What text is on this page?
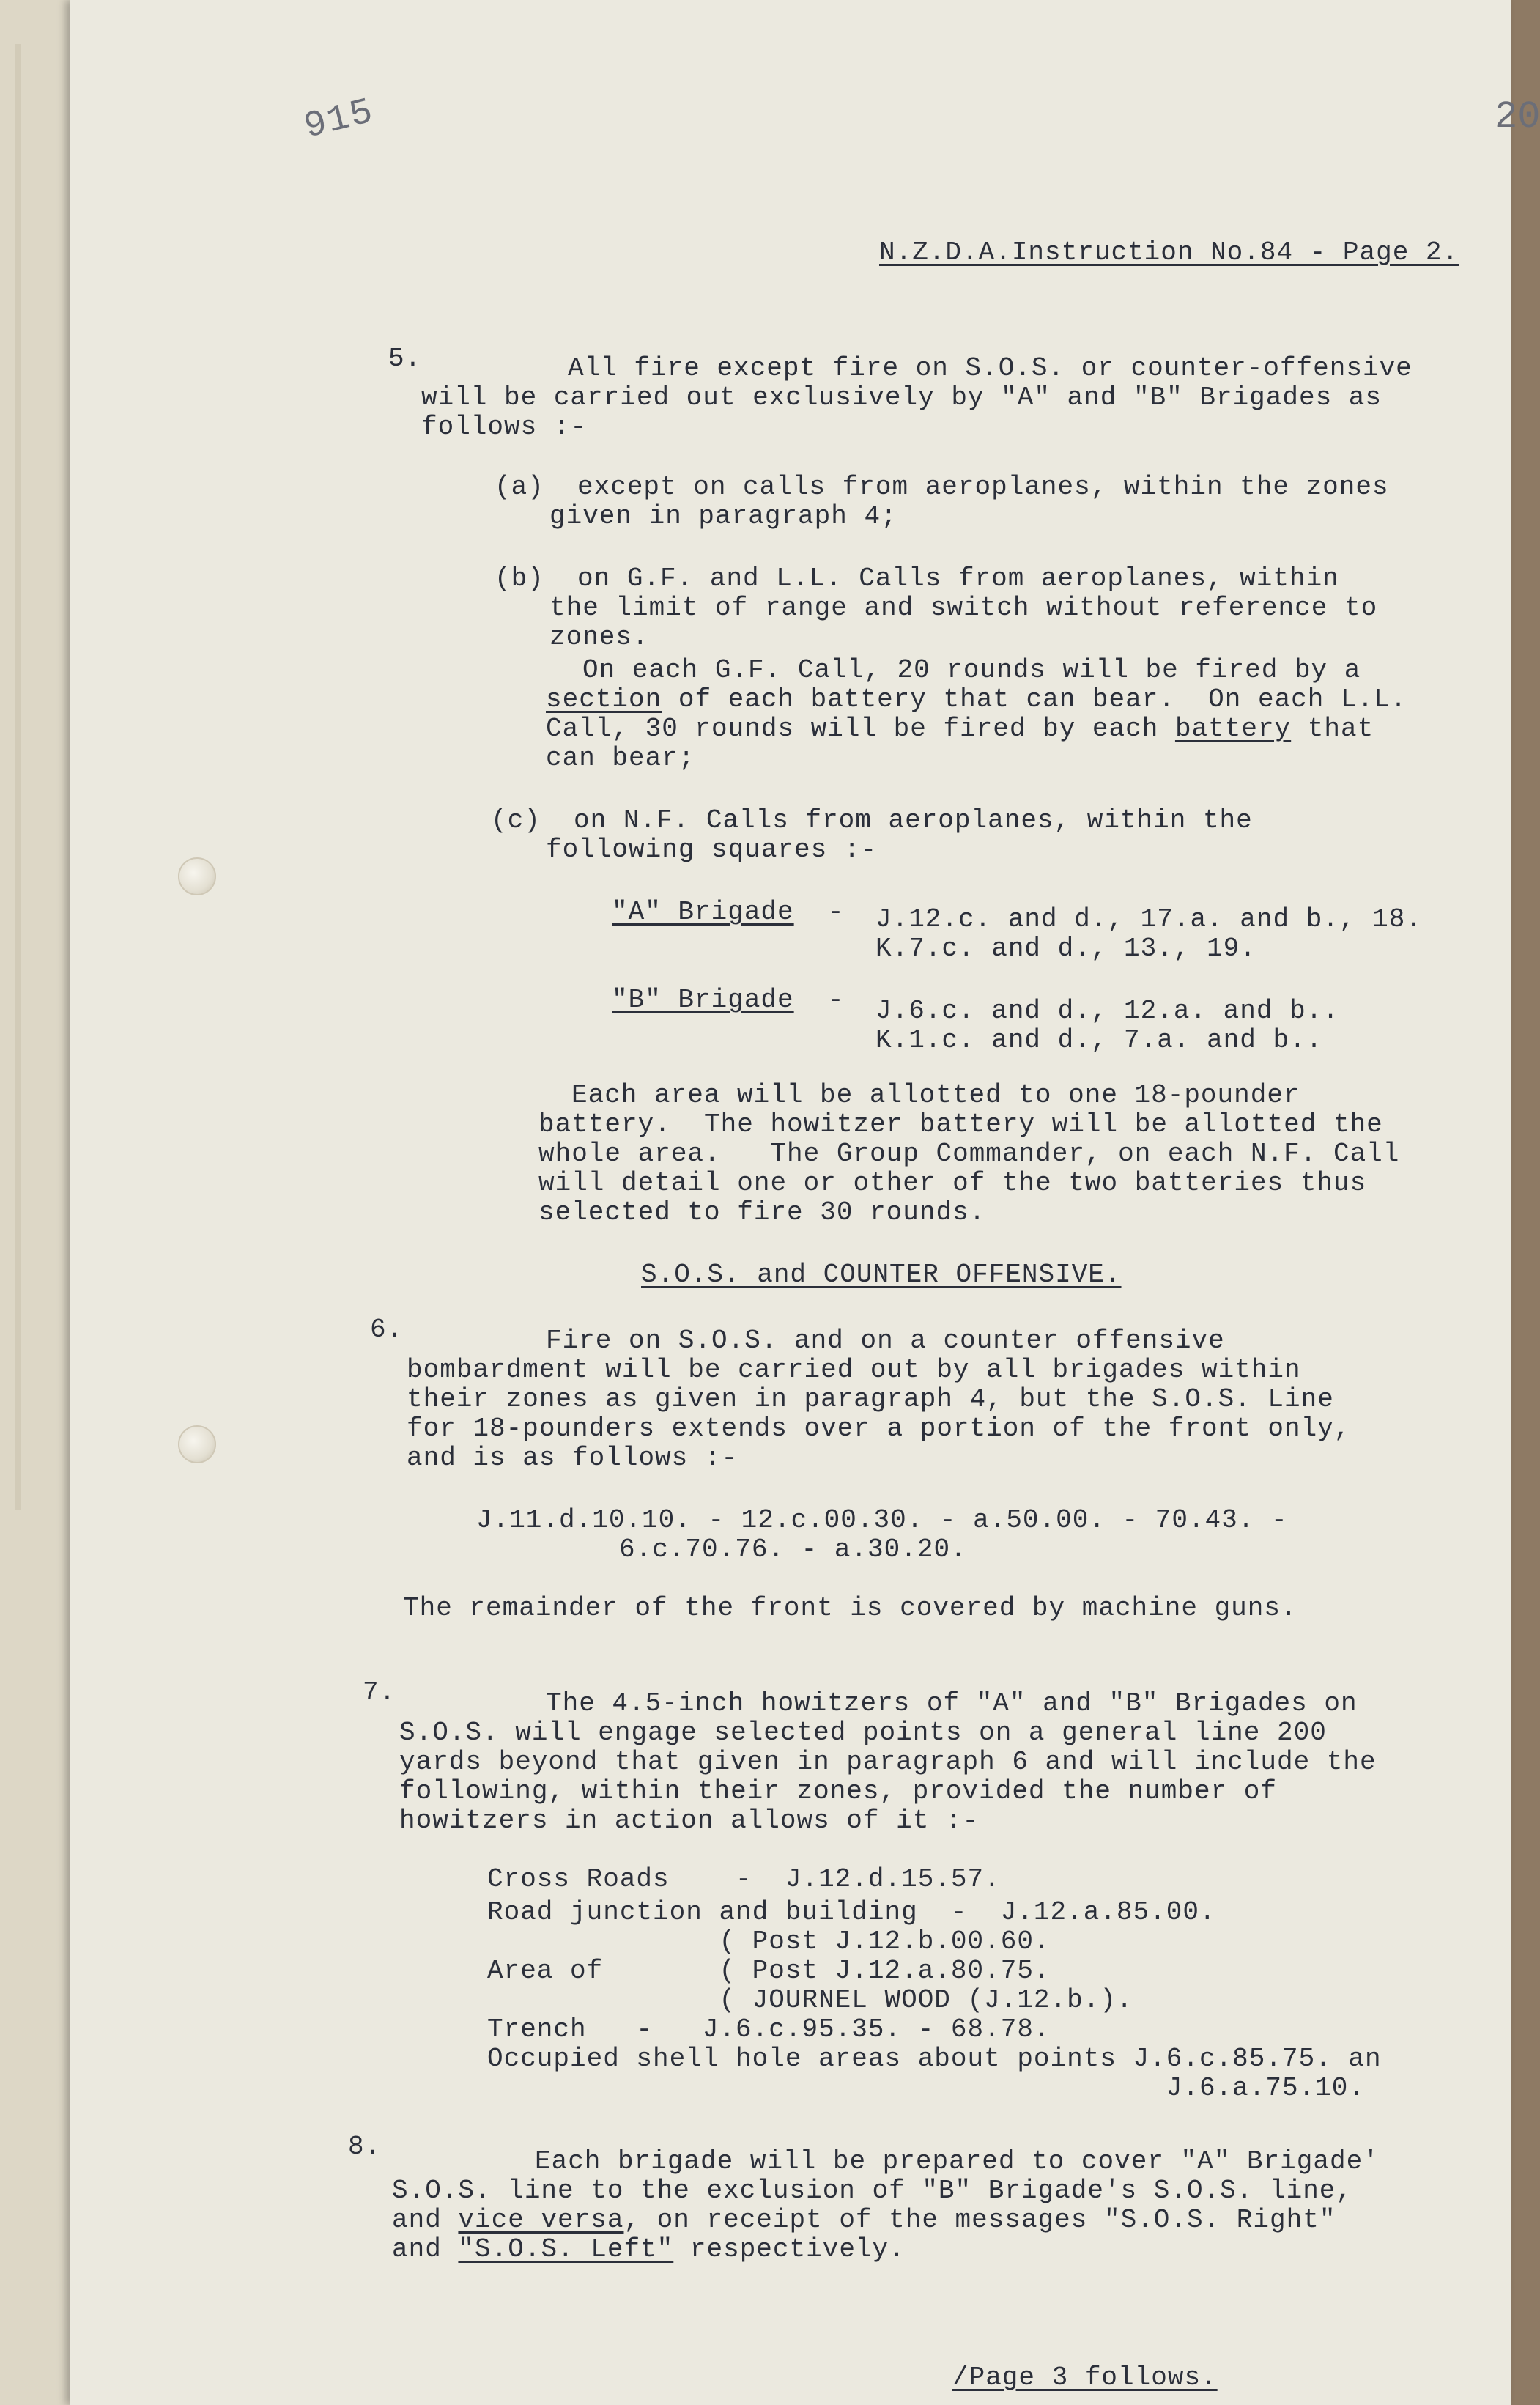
915	20
N.Z.D.A.Instruction No.84 - Page 2.
5.	All fire except fire on S.O.S. or counter-offensive
will be carried out exclusively by "A" and "B" Brigades as
follows :-
(a)  except on calls from aeroplanes, within the zones
given in paragraph 4;
(b)  on G.F. and L.L. Calls from aeroplanes, within
the limit of range and switch without reference to
zones.
On each G.F. Call, 20 rounds will be fired by a
section of each battery that can bear.  On each L.L.
Call, 30 rounds will be fired by each battery that
can bear;
(c)  on N.F. Calls from aeroplanes, within the
following squares :-
"A" Brigade - J.12.c. and d., 17.a. and b., 18.
K.7.c. and d., 13., 19.
"B" Brigade - J.6.c. and d., 12.a. and b..
K.1.c. and d., 7.a. and b..
Each area will be allotted to one 18-pounder
battery.  The howitzer battery will be allotted the
whole area.   The Group Commander, on each N.F. Call
will detail one or other of the two batteries thus
selected to fire 30 rounds.
S.O.S. and COUNTER OFFENSIVE.
6.	Fire on S.O.S. and on a counter offensive
bombardment will be carried out by all brigades within
their zones as given in paragraph 4, but the S.O.S. Line
for 18-pounders extends over a portion of the front only,
and is as follows :-
J.11.d.10.10. - 12.c.00.30. - a.50.00. - 70.43. -
6.c.70.76. - a.30.20.
The remainder of the front is covered by machine guns.
7.	The 4.5-inch howitzers of "A" and "B" Brigades on
S.O.S. will engage selected points on a general line 200
yards beyond that given in paragraph 6 and will include the
following, within their zones, provided the number of
howitzers in action allows of it :-
Cross Roads    -  J.12.d.15.57.
Road junction and building  -  J.12.a.85.00.
( Post J.12.b.00.60.
Area of       ( Post J.12.a.80.75.
( JOURNEL WOOD (J.12.b.).
Trench   -   J.6.c.95.35. - 68.78.
Occupied shell hole areas about points J.6.c.85.75. an
J.6.a.75.10.
8.	Each brigade will be prepared to cover "A" Brigade'
S.O.S. line to the exclusion of "B" Brigade's S.O.S. line,
and vice versa, on receipt of the messages "S.O.S. Right"
and "S.O.S. Left" respectively.
/Page 3 follows.
